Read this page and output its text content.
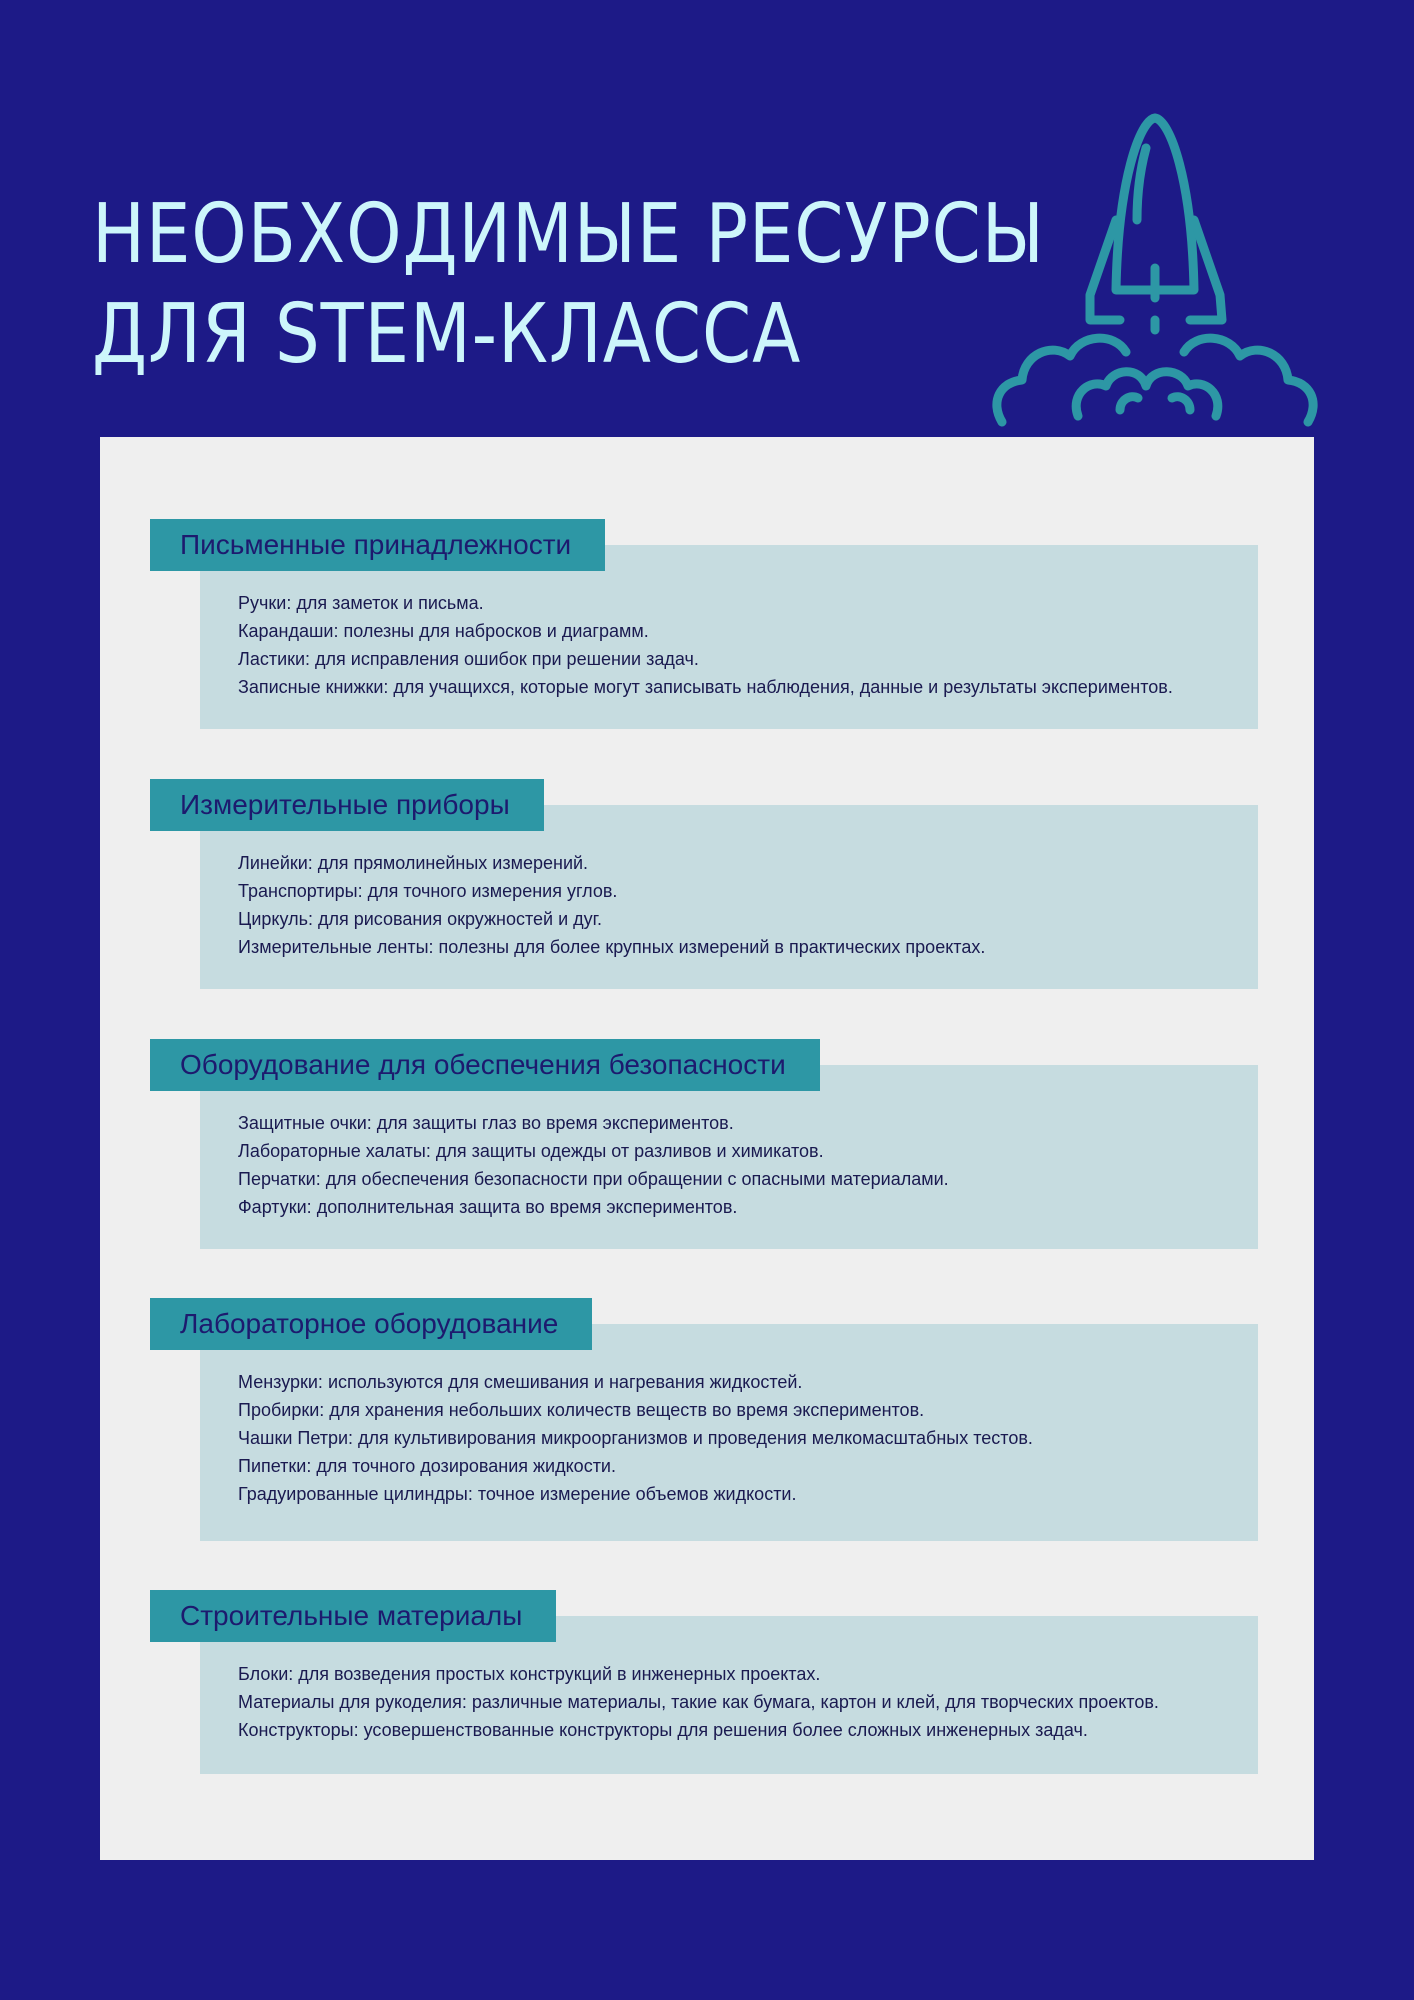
НЕОБХОДИМЫЕ РЕСУРСЫ
ДЛЯ STEM-КЛАССА
Ручки: для заметок и письма.
Карандаши: полезны для набросков и диаграмм.
Ластики: для исправления ошибок при решении задач.
Записные книжки: для учащихся, которые могут записывать наблюдения, данные и результаты экспериментов.
Письменные принадлежности
Линейки: для прямолинейных измерений.
Транспортиры: для точного измерения углов.
Циркуль: для рисования окружностей и дуг.
Измерительные ленты: полезны для более крупных измерений в практических проектах.
Измерительные приборы
Защитные очки: для защиты глаз во время экспериментов.
Лабораторные халаты: для защиты одежды от разливов и химикатов.
Перчатки: для обеспечения безопасности при обращении с опасными материалами.
Фартуки: дополнительная защита во время экспериментов.
Оборудование для обеспечения безопасности
Мензурки: используются для смешивания и нагревания жидкостей.
Пробирки: для хранения небольших количеств веществ во время экспериментов.
Чашки Петри: для культивирования микроорганизмов и проведения мелкомасштабных тестов.
Пипетки: для точного дозирования жидкости.
Градуированные цилиндры: точное измерение объемов жидкости.
Лабораторное оборудование
Блоки: для возведения простых конструкций в инженерных проектах.
Материалы для рукоделия: различные материалы, такие как бумага, картон и клей, для творческих проектов.
Конструкторы: усовершенствованные конструкторы для решения более сложных инженерных задач.
Строительные материалы
